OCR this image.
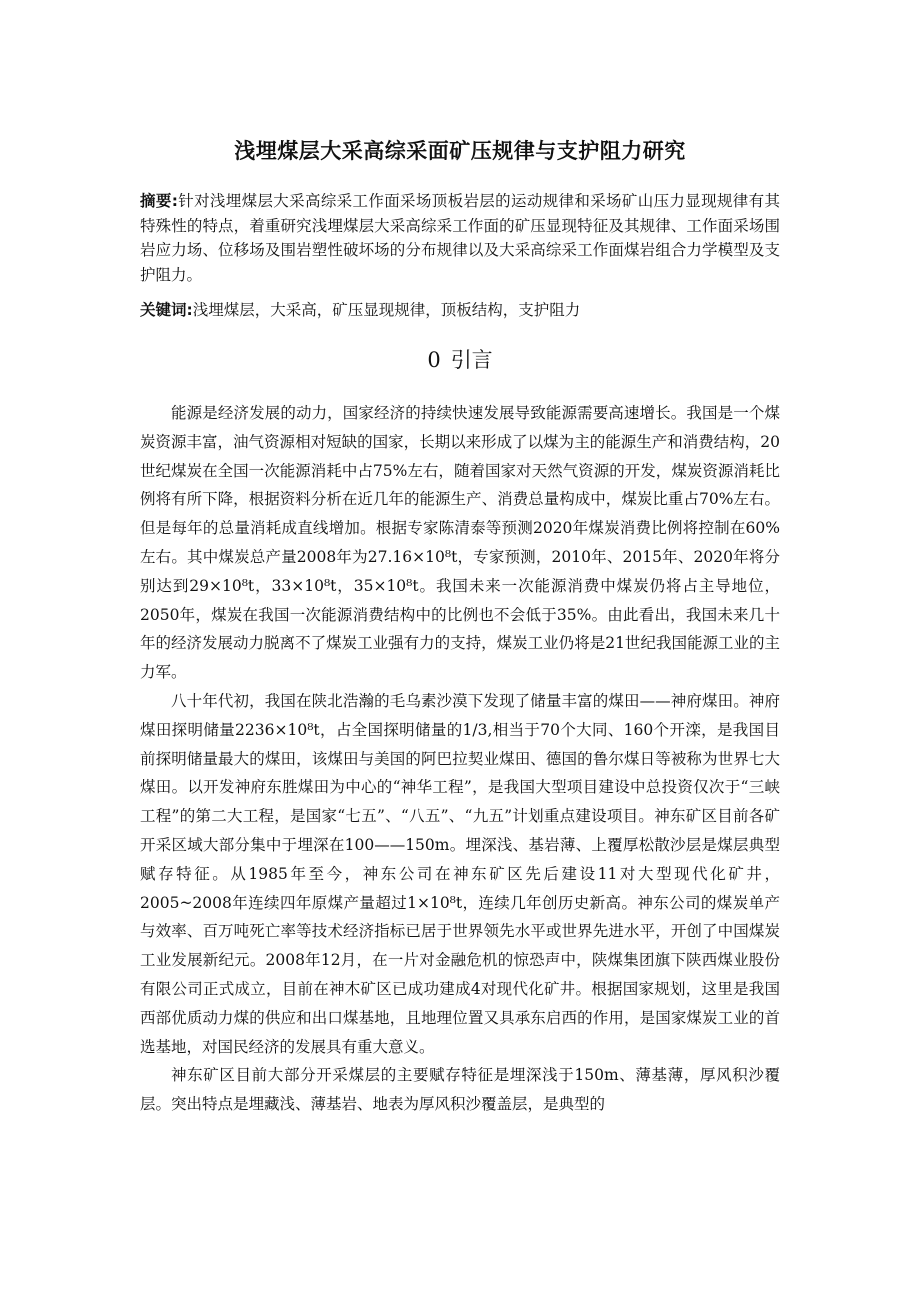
浅埋煤层大采高综采面矿压规律与支护阻力研究
摘要:针对浅埋煤层大采高综采工作面采场顶板岩层的运动规律和采场矿山压力显现规律有其特殊性的特点，着重研究浅埋煤层大采高综采工作面的矿压显现特征及其规律、工作面采场围岩应力场、位移场及围岩塑性破坏场的分布规律以及大采高综采工作面煤岩组合力学模型及支护阻力。
关键词:浅埋煤层，大采高，矿压显现规律，顶板结构，支护阻力
0 引言

能源是经济发展的动力，国家经济的持续快速发展导致能源需要高速增长。我国是一个煤炭资源丰富，油气资源相对短缺的国家，长期以来形成了以煤为主的能源生产和消费结构，20世纪煤炭在全国一次能源消耗中占75%左右，随着国家对天然气资源的开发，煤炭资源消耗比例将有所下降，根据资料分析在近几年的能源生产、消费总量构成中，煤炭比重占70%左右。但是每年的总量消耗成直线增加。根据专家陈清泰等预测2020年煤炭消费比例将控制在60%左右。其中煤炭总产量2008年为27.16×10⁸t，专家预测，2010年、2015年、2020年将分别达到29×10⁸t，33×10⁸t，35×10⁸t。我国未来一次能源消费中煤炭仍将占主导地位，2050年，煤炭在我国一次能源消费结构中的比例也不会低于35%。由此看出，我国未来几十年的经济发展动力脱离不了煤炭工业强有力的支持，煤炭工业仍将是21世纪我国能源工业的主力军。

八十年代初，我国在陕北浩瀚的毛乌素沙漠下发现了储量丰富的煤田——神府煤田。神府煤田探明储量2236×10⁸t，占全国探明储量的1/3,相当于70个大同、160个开滦，是我国目前探明储量最大的煤田，该煤田与美国的阿巴拉契业煤田、德国的鲁尔煤日等被称为世界七大煤田。以开发神府东胜煤田为中心的“神华工程”，是我国大型项目建设中总投资仅次于“三峡工程”的第二大工程，是国家“七五”、“八五”、“九五”计划重点建设项目。神东矿区目前各矿开采区域大部分集中于埋深在100——150m。埋深浅、基岩薄、上覆厚松散沙层是煤层典型赋存特征。从1985年至今，神东公司在神东矿区先后建设11对大型现代化矿井，2005~2008年连续四年原煤产量超过1×10⁸t，连续几年创历史新高。神东公司的煤炭单产与效率、百万吨死亡率等技术经济指标已居于世界领先水平或世界先进水平，开创了中国煤炭工业发展新纪元。2008年12月，在一片对金融危机的惊恐声中，陕煤集团旗下陕西煤业股份有限公司正式成立，目前在神木矿区已成功建成4对现代化矿井。根据国家规划，这里是我国西部优质动力煤的供应和出口煤基地，且地理位置又具承东启西的作用，是国家煤炭工业的首选基地，对国民经济的发展具有重大意义。

神东矿区目前大部分开采煤层的主要赋存特征是埋深浅于150m、薄基薄，厚风积沙覆层。突出特点是埋藏浅、薄基岩、地表为厚风积沙覆盖层，是典型的
